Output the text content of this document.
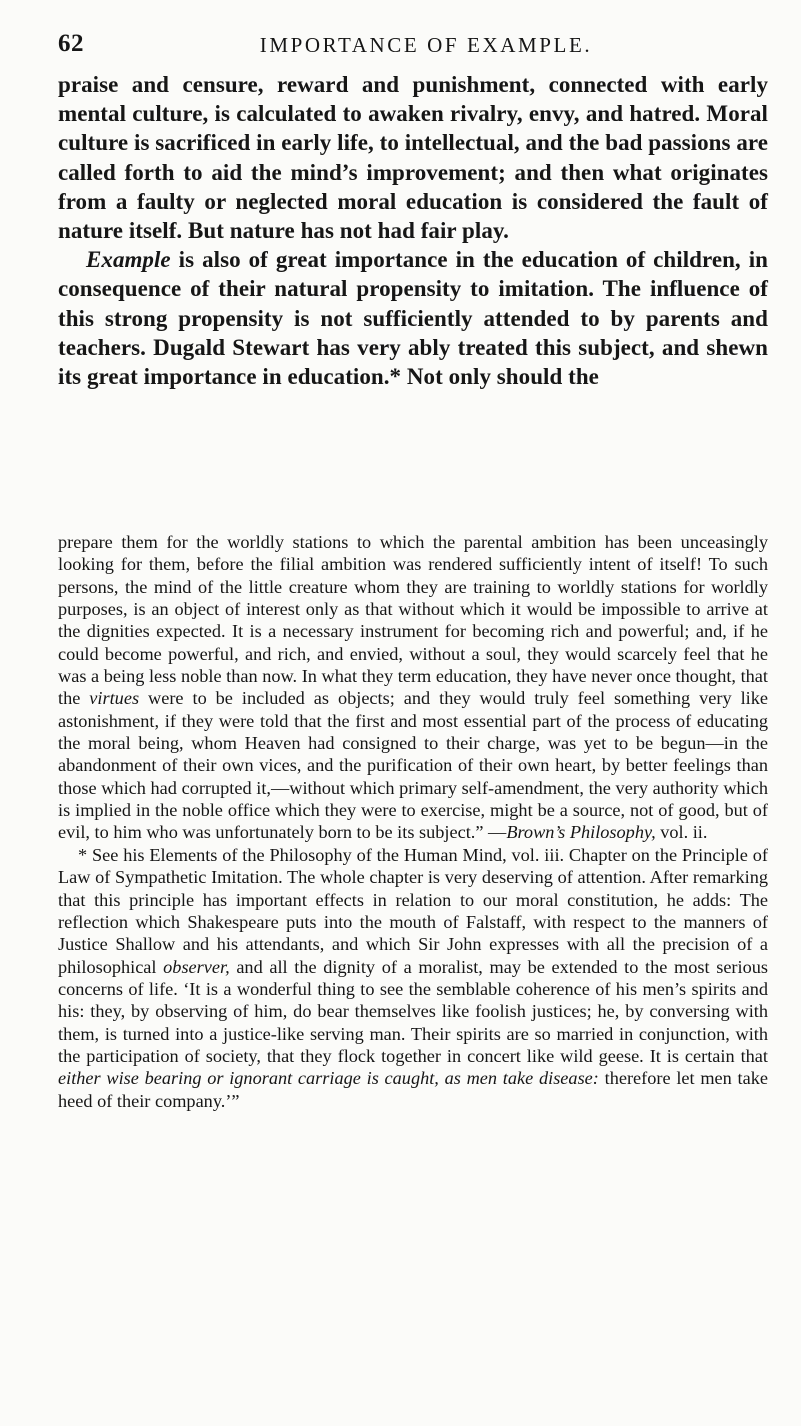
62	IMPORTANCE OF EXAMPLE.

praise and censure, reward and punishment, connected with early mental culture, is calculated to awaken rivalry, envy, and hatred. Moral culture is sacrificed in early life, to intellectual, and the bad passions are called forth to aid the mind’s improvement; and then what originates from a faulty or neglected moral education is considered the fault of nature itself. But nature has not had fair play.

Example is also of great importance in the education of children, in consequence of their natural propensity to imitation. The influence of this strong propensity is not sufficiently attended to by parents and teachers. Dugald Stewart has very ably treated this subject, and shewn its great importance in education.* Not only should the

prepare them for the worldly stations to which the parental ambition has been unceasingly looking for them, before the filial ambition was rendered sufficiently intent of itself! To such persons, the mind of the little creature whom they are training to worldly stations for worldly purposes, is an object of interest only as that without which it would be impossible to arrive at the dignities expected. It is a necessary instrument for becoming rich and powerful; and, if he could become powerful, and rich, and envied, without a soul, they would scarcely feel that he was a being less noble than now. In what they term education, they have never once thought, that the virtues were to be included as objects; and they would truly feel something very like astonishment, if they were told that the first and most essential part of the process of educating the moral being, whom Heaven had consigned to their charge, was yet to be begun—in the abandonment of their own vices, and the purification of their own heart, by better feelings than those which had corrupted it,—without which primary self-amendment, the very authority which is implied in the noble office which they were to exercise, might be a source, not of good, but of evil, to him who was unfortunately born to be its subject.” —Brown’s Philosophy, vol. ii.

* See his Elements of the Philosophy of the Human Mind, vol. iii. Chapter on the Principle of Law of Sympathetic Imitation. The whole chapter is very deserving of attention. After remarking that this principle has important effects in relation to our moral constitution, he adds: The reflection which Shakespeare puts into the mouth of Falstaff, with respect to the manners of Justice Shallow and his attendants, and which Sir John expresses with all the precision of a philosophical observer, and all the dignity of a moralist, may be extended to the most serious concerns of life. ‘It is a wonderful thing to see the semblable coherence of his men’s spirits and his: they, by observing of him, do bear themselves like foolish justices; he, by conversing with them, is turned into a justice-like serving man. Their spirits are so married in conjunction, with the participation of society, that they flock together in concert like wild geese. It is certain that either wise bearing or ignorant carriage is caught, as men take disease: therefore let men take heed of their company.’”
